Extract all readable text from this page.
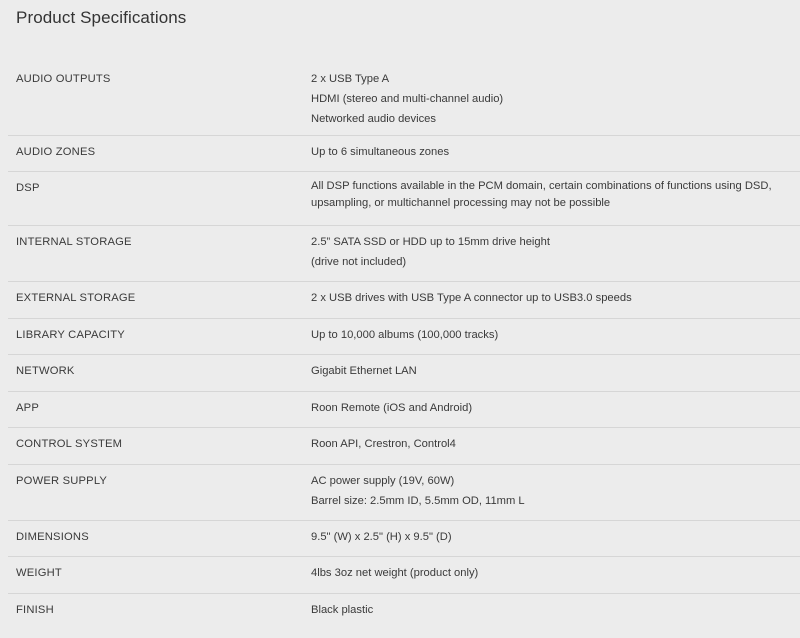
Product Specifications
AUDIO OUTPUTS	2 x USB Type A
HDMI (stereo and multi-channel audio)
Networked audio devices
AUDIO ZONES	Up to 6 simultaneous zones
DSP	All DSP functions available in the PCM domain, certain combinations of functions using DSD, upsampling, or multichannel processing may not be possible
INTERNAL STORAGE	2.5” SATA SSD or HDD up to 15mm drive height
(drive not included)
EXTERNAL STORAGE	2 x USB drives with USB Type A connector up to USB3.0 speeds
LIBRARY CAPACITY	Up to 10,000 albums (100,000 tracks)
NETWORK	Gigabit Ethernet LAN
APP	Roon Remote (iOS and Android)
CONTROL SYSTEM	Roon API, Crestron, Control4
POWER SUPPLY	AC power supply (19V, 60W)
Barrel size: 2.5mm ID, 5.5mm OD, 11mm L
DIMENSIONS	9.5" (W) x 2.5" (H) x 9.5" (D)
WEIGHT	4lbs 3oz net weight (product only)
FINISH	Black plastic
